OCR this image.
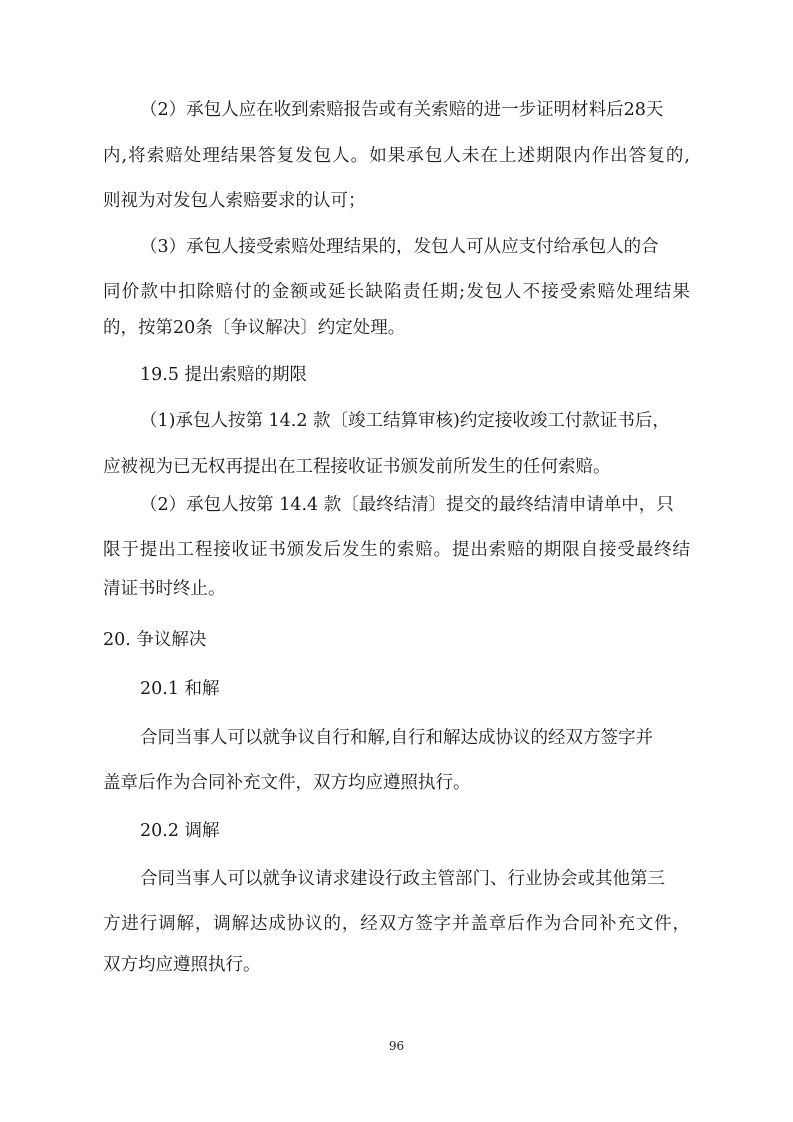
（2）承包人应在收到索赔报告或有关索赔的进一步证明材料后28天

内,将索赔处理结果答复发包人。如果承包人未在上述期限内作出答复的,

则视为对发包人索赔要求的认可；

（3）承包人接受索赔处理结果的，发包人可从应支付给承包人的合

同价款中扣除赔付的金额或延长缺陷责任期;发包人不接受索赔处理结果

的，按第20条〔争议解决〕约定处理。

19.5 提出索赔的期限

（1)承包人按第 14.2 款〔竣工结算审核)约定接收竣工付款证书后，

应被视为已无权再提出在工程接收证书颁发前所发生的任何索赔。

（2）承包人按第 14.4 款〔最终结清〕提交的最终结清申请单中，只

限于提出工程接收证书颁发后发生的索赔。提出索赔的期限自接受最终结

清证书时终止。

20. 争议解决

20.1 和解

合同当事人可以就争议自行和解,自行和解达成协议的经双方签字并

盖章后作为合同补充文件，双方均应遵照执行。

20.2 调解

合同当事人可以就争议请求建设行政主管部门、行业协会或其他第三

方进行调解，调解达成协议的，经双方签字并盖章后作为合同补充文件，

双方均应遵照执行。

96
